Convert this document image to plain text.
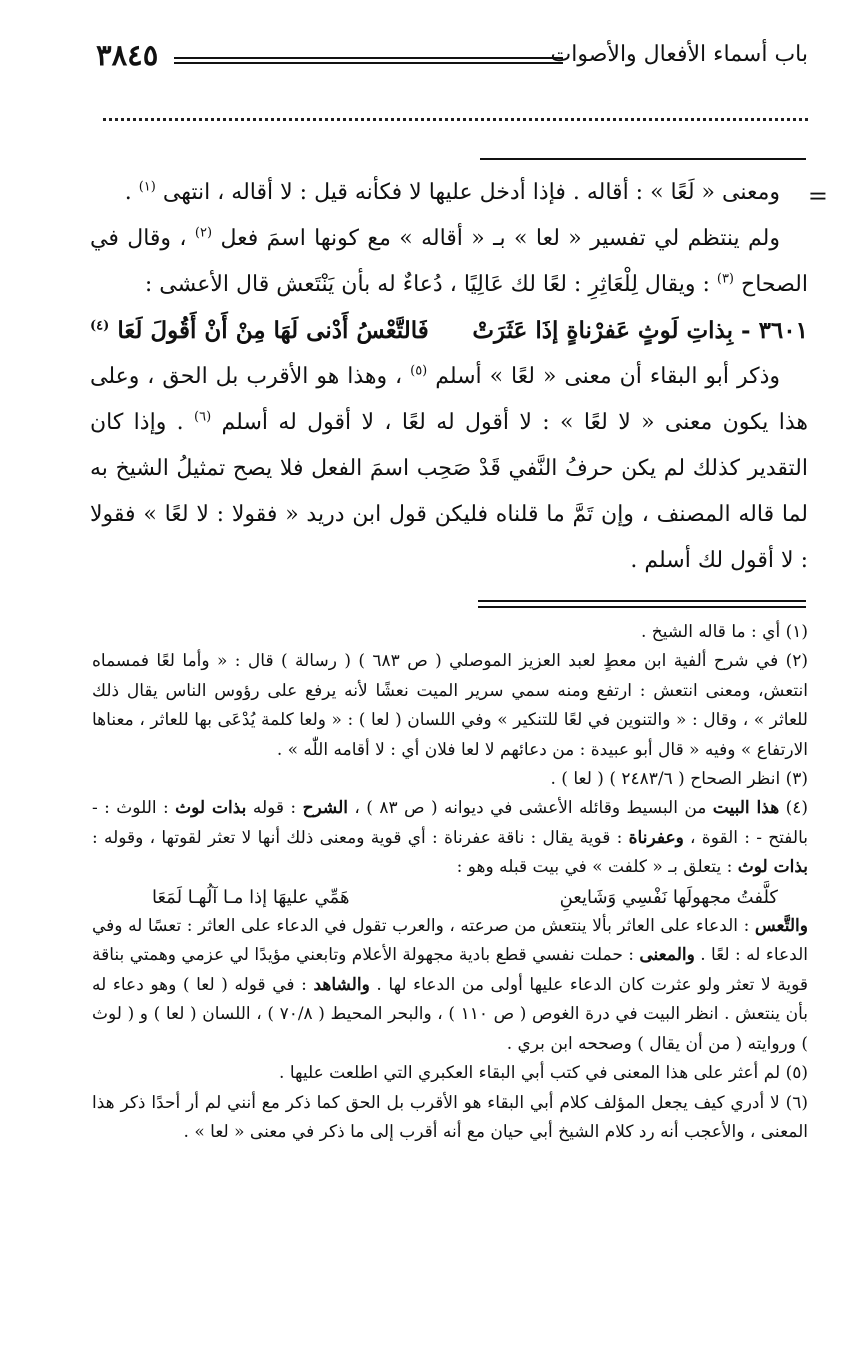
٣٨٤٥	باب أسماء الأفعال والأصوات
=

ومعنى « لَعًا » : أقاله . فإذا أدخل عليها لا فكأنه قيل : لا أقاله ، انتهى $^{(١)}$ .

ولم ينتظم لي تفسير « لعا » بـ « أقاله » مع كونها اسمَ فعل $^{(٢)}$ ، وقال في الصحاح $^{(٣)}$ : ويقال لِلْعَاثِرِ : لعًا لك عَالِيًا ، دُعاءٌ له بأن يَنْتَعش قال الأعشى :

٣٦٠١ -بِذاتِ لَوثٍ عَفرْناةٍ إذَا عَثَرَتْ
فَالتَّعْسُ أَدْنى لَهَا مِنْ أَنْ أَقُولَ لَعَا $^{(٤)}$

وذكر أبو البقاء أن معنى « لعًا » أسلم $^{(٥)}$ ، وهذا هو الأقرب بل الحق ، وعلى هذا يكون معنى « لا لعًا » : لا أقول له لعًا ، لا أقول له أسلم $^{(٦)}$ . وإذا كان التقدير كذلك لم يكن حرفُ النَّفي قَدْ صَحِب اسمَ الفعل فلا يصح تمثيلُ الشيخ به لما قاله المصنف ، وإن تَمَّ ما قلناه فليكن قول ابن دريد « فقولا : لا لعًا » فقولا : لا أقول لك أسلم .

(١) أي : ما قاله الشيخ .

(٢) في شرح ألفية ابن معطٍ لعبد العزيز الموصلي ( ص ٦٨٣ ) ( رسالة ) قال : « وأما لعًا فمسماه انتعش، ومعنى انتعش : ارتفع ومنه سمي سرير الميت نعشًا لأنه يرفع على رؤوس الناس يقال ذلك للعاثر » ، وقال : « والتنوين في لعًا للتنكير » وفي اللسان ( لعا ) : « ولعا كلمة يُدْعَى بها للعاثر ، معناها الارتفاع » وفيه « قال أبو عبيدة : من دعائهم لا لعا فلان أي : لا أقامه اللّٰه » .

(٣) انظر الصحاح ( ٢٤٨٣/٦ ) ( لعا ) .

(٤) هذا البيت من البسيط وقائله الأعشى في ديوانه ( ص ٨٣ ) ، الشرح : قوله بذات لوث : اللوث : - بالفتح - : القوة ، وعفرناة : قوية يقال : ناقة عفرناة : أي قوية ومعنى ذلك أنها لا تعثر لقوتها ، وقوله : بذات لوث : يتعلق بـ « كلفت » في بيت قبله وهو :

كلَّفتُ مجهولَها نَفْسِي وَشَايعنِ
هَمِّي عليهَا إذا مـا آلُهـا لَمَعَا

والتَّعس : الدعاء على العاثر بألا ينتعش من صرعته ، والعرب تقول في الدعاء على العاثر : تعسًا له وفي الدعاء له : لعًا . والمعنى : حملت نفسي قطع بادية مجهولة الأعلام وتابعني مؤيدًا لي عزمي وهمتي بناقة قوية لا تعثر ولو عثرت كان الدعاء عليها أولى من الدعاء لها . والشاهد : في قوله ( لعا ) وهو دعاء له بأن ينتعش . انظر البيت في درة الغوص ( ص ١١٠ ) ، والبحر المحيط ( ٧٠/٨ ) ، اللسان ( لعا ) و ( لوث ) وروايته ( من أن يقال ) وصححه ابن بري .

(٥) لم أعثر على هذا المعنى في كتب أبي البقاء العكبري التي اطلعت عليها .

(٦) لا أدري كيف يجعل المؤلف كلام أبي البقاء هو الأقرب بل الحق كما ذكر مع أنني لم أر أحدًا ذكر هذا المعنى ، والأعجب أنه رد كلام الشيخ أبي حيان مع أنه أقرب إلى ما ذكر في معنى « لعا » .
